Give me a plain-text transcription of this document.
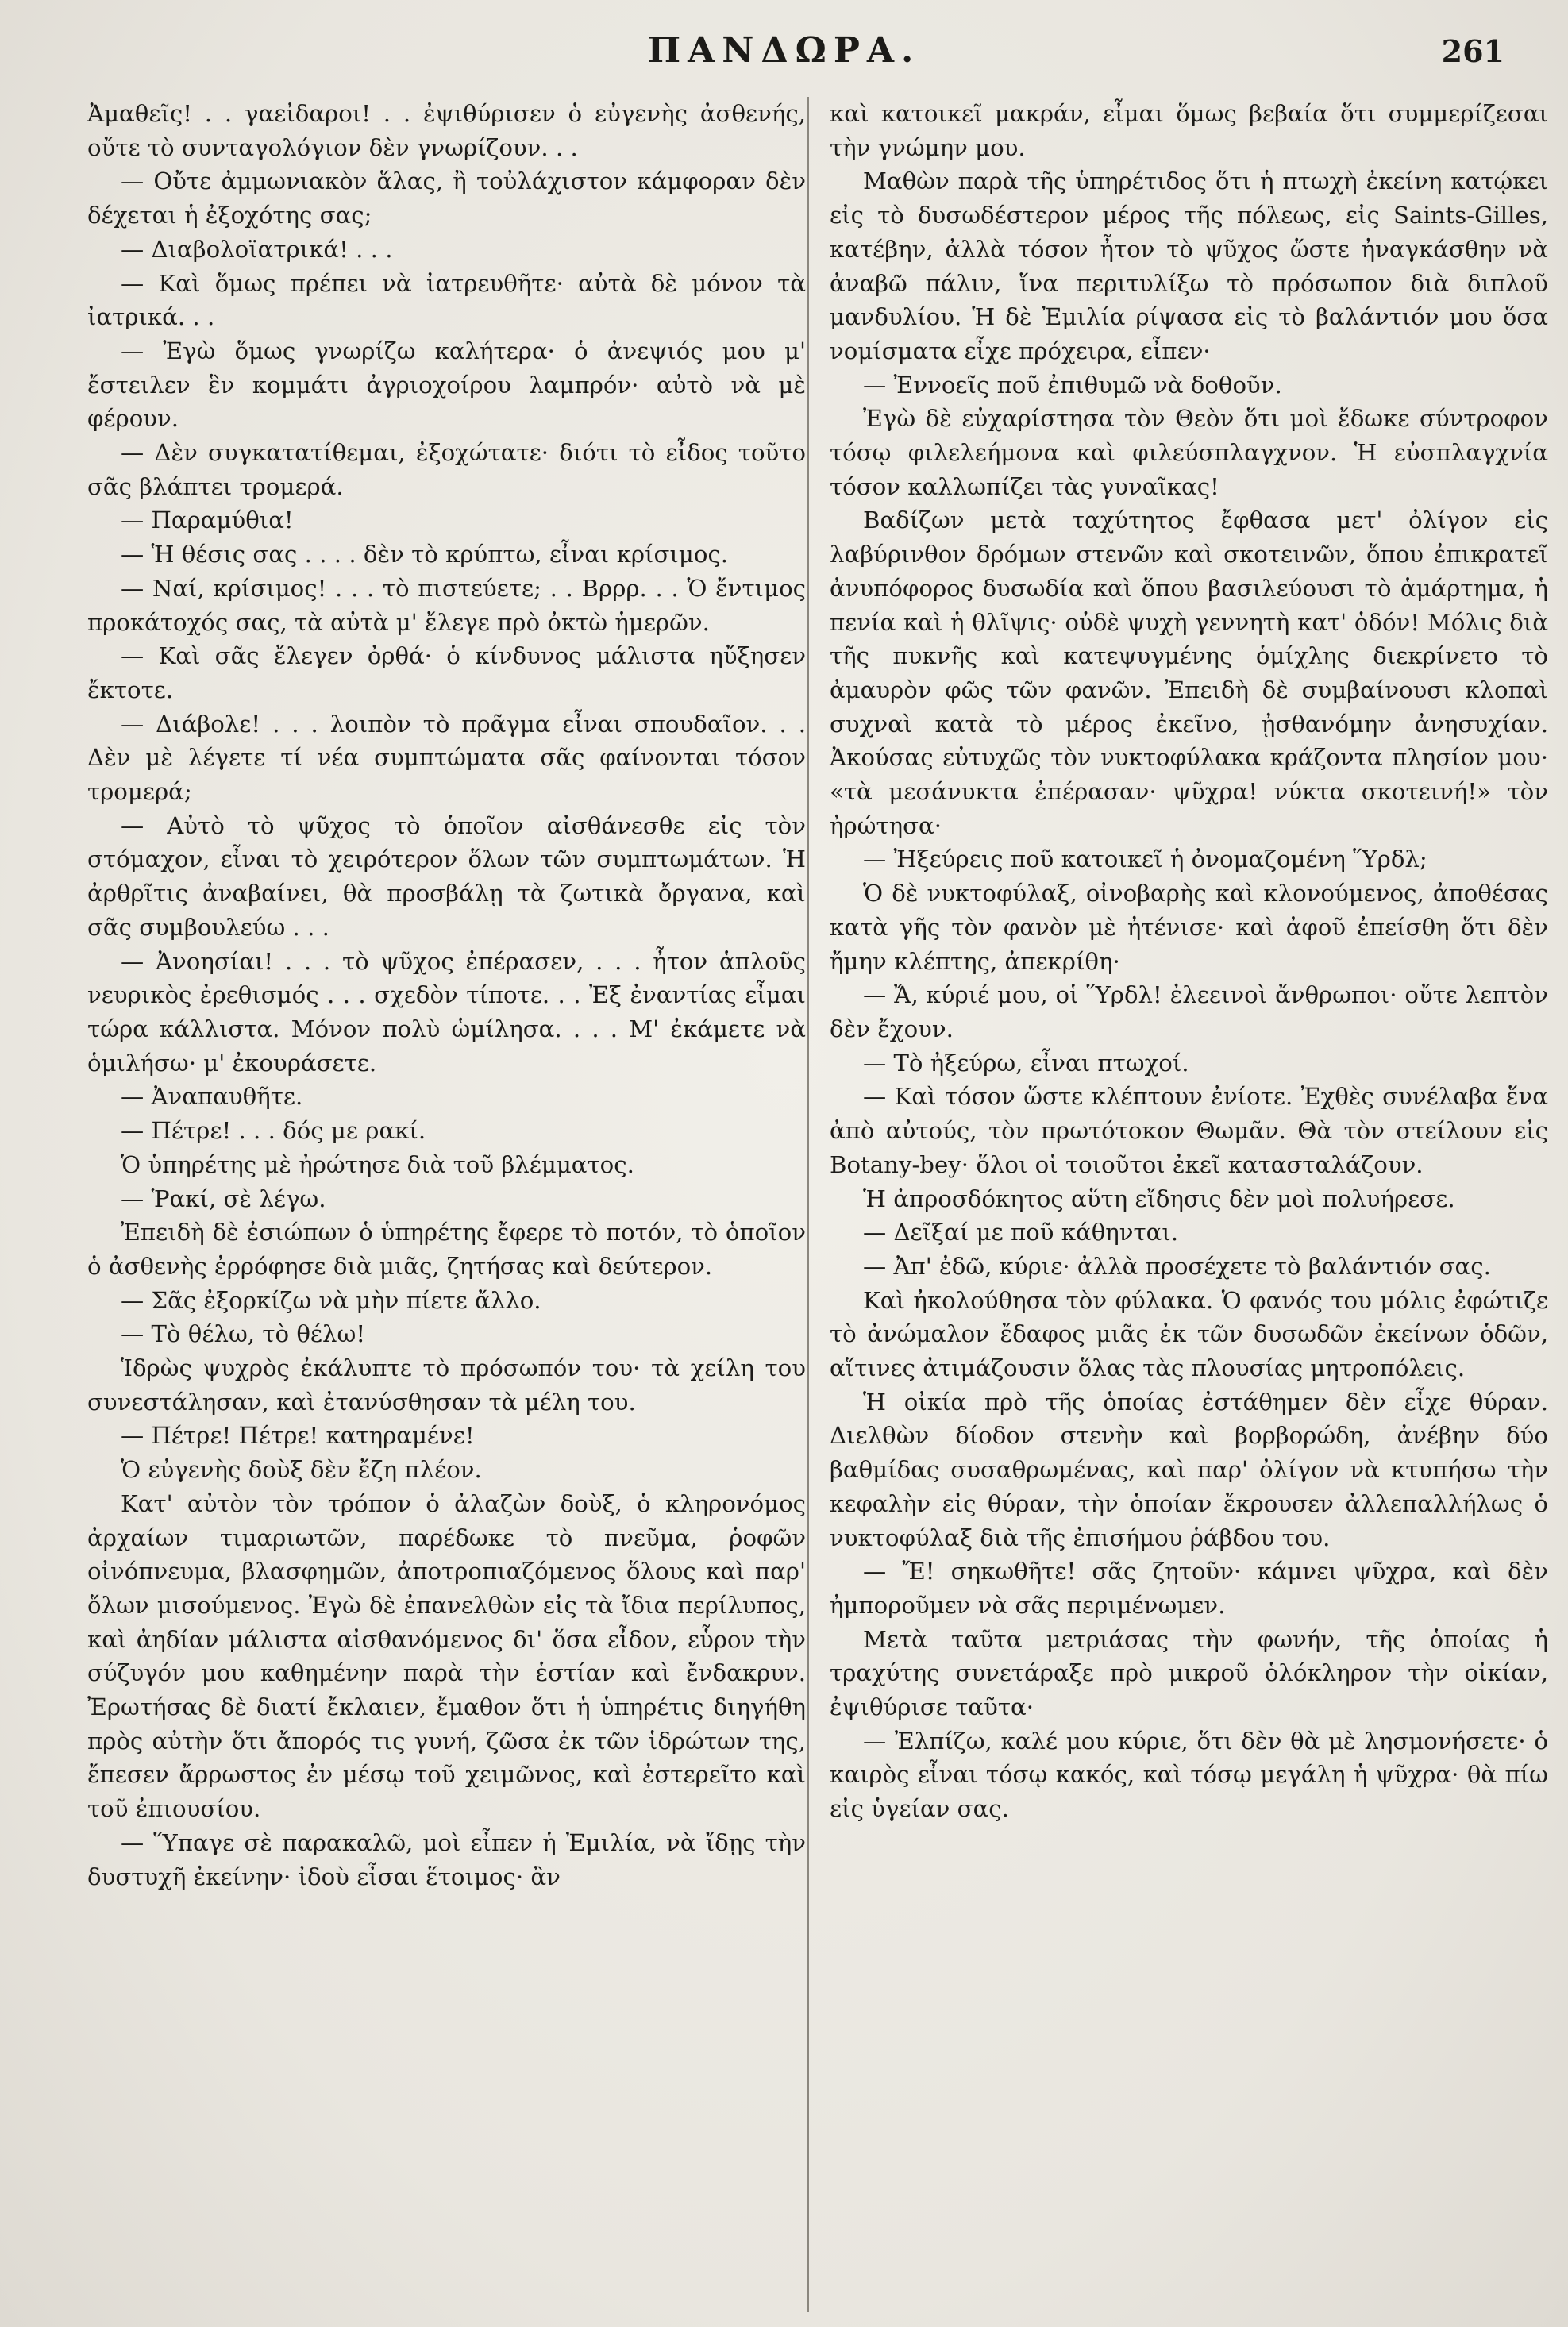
ΠΑΝΔΩΡΑ.	261

Ἀμαθεῖς! . . γαεἰδαροι! . . ἐψιθύρισεν ὁ εὐγενὴς ἀσθενής, οὔτε τὸ συνταγολόγιον δὲν γνωρίζουν. . .

— Οὔτε ἀμμωνιακὸν ἅλας, ἢ τοὐλάχιστον κάμφοραν δὲν δέχεται ἡ ἐξοχότης σας;

— Διαβολοϊατρικά! . . .

— Καὶ ὅμως πρέπει νὰ ἰατρευθῆτε· αὐτὰ δὲ μόνον τὰ ἰατρικά. . .

— Ἐγὼ ὅμως γνωρίζω καλήτερα· ὁ ἀνεψιός μου μ' ἔστειλεν ἓν κομμάτι ἀγριοχοίρου λαμπρόν· αὐτὸ νὰ μὲ φέρουν.

— Δὲν συγκατατίθεμαι, ἐξοχώτατε· διότι τὸ εἶδος τοῦτο σᾶς βλάπτει τρομερά.

— Παραμύθια!

— Ἡ θέσις σας . . . . δὲν τὸ κρύπτω, εἶναι κρίσιμος.

— Ναί, κρίσιμος! . . . τὸ πιστεύετε; . . Βρρρ. . . Ὁ ἔντιμος προκάτοχός σας, τὰ αὐτὰ μ' ἔλεγε πρὸ ὀκτὼ ἡμερῶν.

— Καὶ σᾶς ἔλεγεν ὀρθά· ὁ κίνδυνος μάλιστα ηὔξησεν ἔκτοτε.

— Διάβολε! . . . λοιπὸν τὸ πρᾶγμα εἶναι σπουδαῖον. . . Δὲν μὲ λέγετε τί νέα συμπτώματα σᾶς φαίνονται τόσον τρομερά;

— Αὐτὸ τὸ ψῦχος τὸ ὁποῖον αἰσθάνεσθε εἰς τὸν στόμαχον, εἶναι τὸ χειρότερον ὅλων τῶν συμπτωμάτων. Ἡ ἀρθρῖτις ἀναβαίνει, θὰ προσβάλῃ τὰ ζωτικὰ ὄργανα, καὶ σᾶς συμβουλεύω . . .

— Ἀνοησίαι! . . . τὸ ψῦχος ἐπέρασεν, . . . ἦτον ἁπλοῦς νευρικὸς ἐρεθισμός . . . σχεδὸν τίποτε. . . Ἐξ ἐναντίας εἶμαι τώρα κάλλιστα. Μόνον πολὺ ὡμίλησα. . . . Μ' ἐκάμετε νὰ ὁμιλήσω· μ' ἐκουράσετε.

— Ἀναπαυθῆτε.

— Πέτρε! . . . δός με ρακί.

Ὁ ὑπηρέτης μὲ ἠρώτησε διὰ τοῦ βλέμματος.

— Ῥακί, σὲ λέγω.

Ἐπειδὴ δὲ ἐσιώπων ὁ ὑπηρέτης ἔφερε τὸ ποτόν, τὸ ὁποῖον ὁ ἀσθενὴς ἐρρόφησε διὰ μιᾶς, ζητήσας καὶ δεύτερον.

— Σᾶς ἐξορκίζω νὰ μὴν πίετε ἄλλο.

— Τὸ θέλω, τὸ θέλω!

Ἱδρὼς ψυχρὸς ἐκάλυπτε τὸ πρόσωπόν του· τὰ χείλη του συνεστάλησαν, καὶ ἐτανύσθησαν τὰ μέλη του.

— Πέτρε! Πέτρε! κατηραμένε!

Ὁ εὐγενὴς δοὺξ δὲν ἔζη πλέον.

Κατ' αὐτὸν τὸν τρόπον ὁ ἀλαζὼν δοὺξ, ὁ κληρονόμος ἀρχαίων τιμαριωτῶν, παρέδωκε τὸ πνεῦμα, ῥοφῶν οἰνόπνευμα, βλασφημῶν, ἀποτροπιαζόμενος ὅλους καὶ παρ' ὅλων μισούμενος. Ἐγὼ δὲ ἐπανελθὼν εἰς τὰ ἴδια περίλυπος, καὶ ἀηδίαν μάλιστα αἰσθανόμενος δι' ὅσα εἶδον, εὗρον τὴν σύζυγόν μου καθημένην παρὰ τὴν ἑστίαν καὶ ἔνδακρυν. Ἐρωτήσας δὲ διατί ἔκλαιεν, ἔμαθον ὅτι ἡ ὑπηρέτις διηγήθη πρὸς αὐτὴν ὅτι ἄπορός τις γυνή, ζῶσα ἐκ τῶν ἱδρώτων της, ἔπεσεν ἄρρωστος ἐν μέσῳ τοῦ χειμῶνος, καὶ ἐστερεῖτο καὶ τοῦ ἐπιουσίου.

— Ὕπαγε σὲ παρακαλῶ, μοὶ εἶπεν ἡ Ἐμιλία, νὰ ἴδῃς τὴν δυστυχῆ ἐκείνην· ἰδοὺ εἶσαι ἕτοιμος· ἂν

καὶ κατοικεῖ μακράν, εἶμαι ὅμως βεβαία ὅτι συμμερίζεσαι τὴν γνώμην μου.

Μαθὼν παρὰ τῆς ὑπηρέτιδος ὅτι ἡ πτωχὴ ἐκείνη κατῴκει εἰς τὸ δυσωδέστερον μέρος τῆς πόλεως, εἰς Saints-Gilles, κατέβην, ἀλλὰ τόσον ἦτον τὸ ψῦχος ὥστε ἠναγκάσθην νὰ ἀναβῶ πάλιν, ἵνα περιτυλίξω τὸ πρόσωπον διὰ διπλοῦ μανδυλίου. Ἡ δὲ Ἐμιλία ρίψασα εἰς τὸ βαλάντιόν μου ὅσα νομίσματα εἶχε πρόχειρα, εἶπεν·

— Ἐννοεῖς ποῦ ἐπιθυμῶ νὰ δοθοῦν.

Ἐγὼ δὲ εὐχαρίστησα τὸν Θεὸν ὅτι μοὶ ἔδωκε σύντροφον τόσῳ φιλελεήμονα καὶ φιλεύσπλαγχνον. Ἡ εὐσπλαγχνία τόσον καλλωπίζει τὰς γυναῖκας!

Βαδίζων μετὰ ταχύτητος ἔφθασα μετ' ὀλίγον εἰς λαβύρινθον δρόμων στενῶν καὶ σκοτεινῶν, ὅπου ἐπικρατεῖ ἀνυπόφορος δυσωδία καὶ ὅπου βασιλεύουσι τὸ ἁμάρτημα, ἡ πενία καὶ ἡ θλῖψις· οὐδὲ ψυχὴ γεννητὴ κατ' ὁδόν! Μόλις διὰ τῆς πυκνῆς καὶ κατεψυγμένης ὁμίχλης διεκρίνετο τὸ ἀμαυρὸν φῶς τῶν φανῶν. Ἐπειδὴ δὲ συμβαίνουσι κλοπαὶ συχναὶ κατὰ τὸ μέρος ἐκεῖνο, ᾐσθανόμην ἀνησυχίαν. Ἀκούσας εὐτυχῶς τὸν νυκτοφύλακα κράζοντα πλησίον μου· «τὰ μεσάνυκτα ἐπέρασαν· ψῦχρα! νύκτα σκοτεινή!» τὸν ἠρώτησα·

— Ἠξεύρεις ποῦ κατοικεῖ ἡ ὀνομαζομένη Ὕρδλ;

Ὁ δὲ νυκτοφύλαξ, οἰνοβαρὴς καὶ κλονούμενος, ἀποθέσας κατὰ γῆς τὸν φανὸν μὲ ἠτένισε· καὶ ἀφοῦ ἐπείσθη ὅτι δὲν ἤμην κλέπτης, ἀπεκρίθη·

— Ἄ, κύριέ μου, οἱ Ὕρδλ! ἐλεεινοὶ ἄνθρωποι· οὔτε λεπτὸν δὲν ἔχουν.

— Τὸ ἠξεύρω, εἶναι πτωχοί.

— Καὶ τόσον ὥστε κλέπτουν ἐνίοτε. Ἐχθὲς συνέλαβα ἕνα ἀπὸ αὐτούς, τὸν πρωτότοκον Θωμᾶν. Θὰ τὸν στείλουν εἰς Botany-bey· ὅλοι οἱ τοιοῦτοι ἐκεῖ κατασταλάζουν.

Ἡ ἀπροσδόκητος αὕτη εἴδησις δὲν μοὶ πολυήρεσε.

— Δεῖξαί με ποῦ κάθηνται.

— Ἀπ' ἐδῶ, κύριε· ἀλλὰ προσέχετε τὸ βαλάντιόν σας.

Καὶ ἠκολούθησα τὸν φύλακα. Ὁ φανός του μόλις ἐφώτιζε τὸ ἀνώμαλον ἔδαφος μιᾶς ἐκ τῶν δυσωδῶν ἐκείνων ὁδῶν, αἵτινες ἀτιμάζουσιν ὅλας τὰς πλουσίας μητροπόλεις.

Ἡ οἰκία πρὸ τῆς ὁποίας ἐστάθημεν δὲν εἶχε θύραν. Διελθὼν δίοδον στενὴν καὶ βορβορώδη, ἀνέβην δύο βαθμίδας συσαθρωμένας, καὶ παρ' ὀλίγον νὰ κτυπήσω τὴν κεφαλὴν εἰς θύραν, τὴν ὁποίαν ἔκρουσεν ἀλλεπαλλήλως ὁ νυκτοφύλαξ διὰ τῆς ἐπισήμου ῥάβδου του.

— Ἔ! σηκωθῆτε! σᾶς ζητοῦν· κάμνει ψῦχρα, καὶ δὲν ἠμποροῦμεν νὰ σᾶς περιμένωμεν.

Μετὰ ταῦτα μετριάσας τὴν φωνήν, τῆς ὁποίας ἡ τραχύτης συνετάραξε πρὸ μικροῦ ὁλόκληρον τὴν οἰκίαν, ἐψιθύρισε ταῦτα·

— Ἐλπίζω, καλέ μου κύριε, ὅτι δὲν θὰ μὲ λησμονήσετε· ὁ καιρὸς εἶναι τόσῳ κακός, καὶ τόσῳ μεγάλη ἡ ψῦχρα· θὰ πίω εἰς ὑγείαν σας.
